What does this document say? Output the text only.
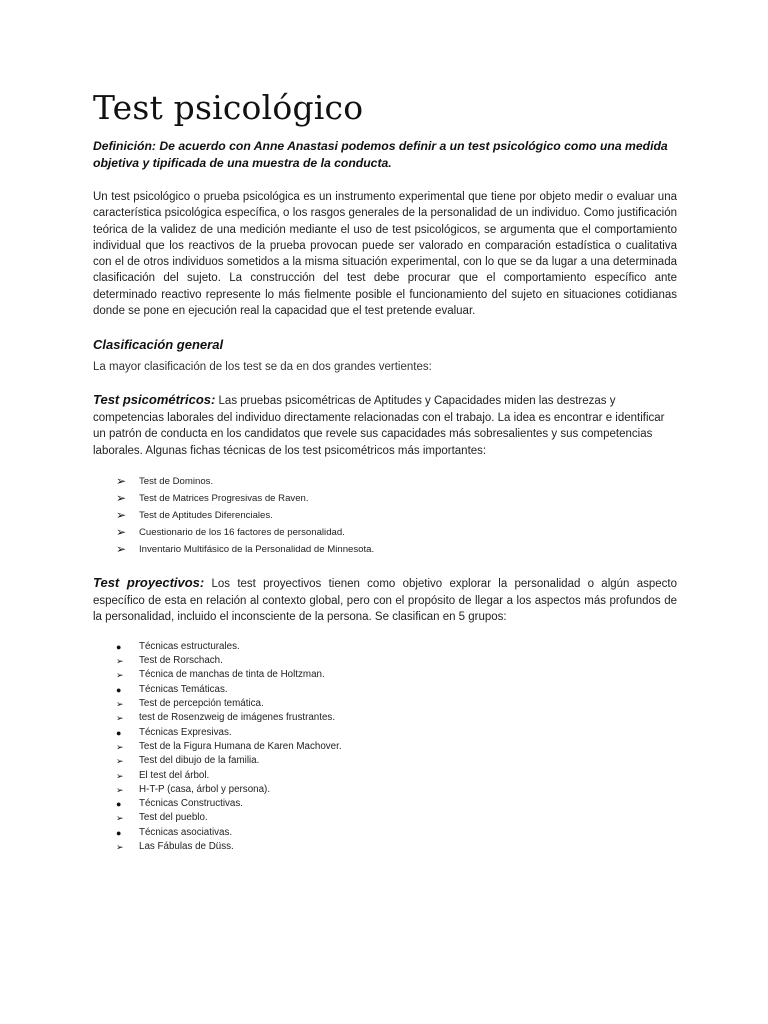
Test psicológico

Definición: De acuerdo con Anne Anastasi podemos definir a un test psicológico como una medida objetiva y tipificada de una muestra de la conducta.

Un test psicológico o prueba psicológica es un instrumento experimental que tiene por objeto medir o evaluar una característica psicológica específica, o los rasgos generales de la personalidad de un individuo. Como justificación teórica de la validez de una medición mediante el uso de test psicológicos, se argumenta que el comportamiento individual que los reactivos de la prueba provocan puede ser valorado en comparación estadística o cualitativa con el de otros individuos sometidos a la misma situación experimental, con lo que se da lugar a una determinada clasificación del sujeto. La construcción del test debe procurar que el comportamiento específico ante determinado reactivo represente lo más fielmente posible el funcionamiento del sujeto en situaciones cotidianas donde se pone en ejecución real la capacidad que el test pretende evaluar.

Clasificación general

La mayor clasificación de los test se da en dos grandes vertientes:

Test psicométricos: Las pruebas psicométricas de Aptitudes y Capacidades miden las destrezas y competencias laborales del individuo directamente relacionadas con el trabajo. La idea es encontrar e identificar un patrón de conducta en los candidatos que revele sus capacidades más sobresalientes y sus competencias laborales. Algunas fichas técnicas de los test psicométricos más importantes:

➢ Test de Dominos.
➢ Test de Matrices Progresivas de Raven.
➢ Test de Aptitudes Diferenciales.
➢ Cuestionario de los 16 factores de personalidad.
➢ Inventario Multifásico de la Personalidad de Minnesota.

Test proyectivos: Los test proyectivos tienen como objetivo explorar la personalidad o algún aspecto específico de esta en relación al contexto global, pero con el propósito de llegar a los aspectos más profundos de la personalidad, incluido el inconsciente de la persona. Se clasifican en 5 grupos:

● Técnicas estructurales.
➢ Test de Rorschach.
➢ Técnica de manchas de tinta de Holtzman.
● Técnicas Temáticas.
➢ Test de percepción temática.
➢ test de Rosenzweig de imágenes frustrantes.
● Técnicas Expresivas.
➢ Test de la Figura Humana de Karen Machover.
➢ Test del dibujo de la familia.
➢ El test del árbol.
➢ H-T-P (casa, árbol y persona).
● Técnicas Constructivas.
➢ Test del pueblo.
● Técnicas asociativas.
➢ Las Fábulas de Düss.
